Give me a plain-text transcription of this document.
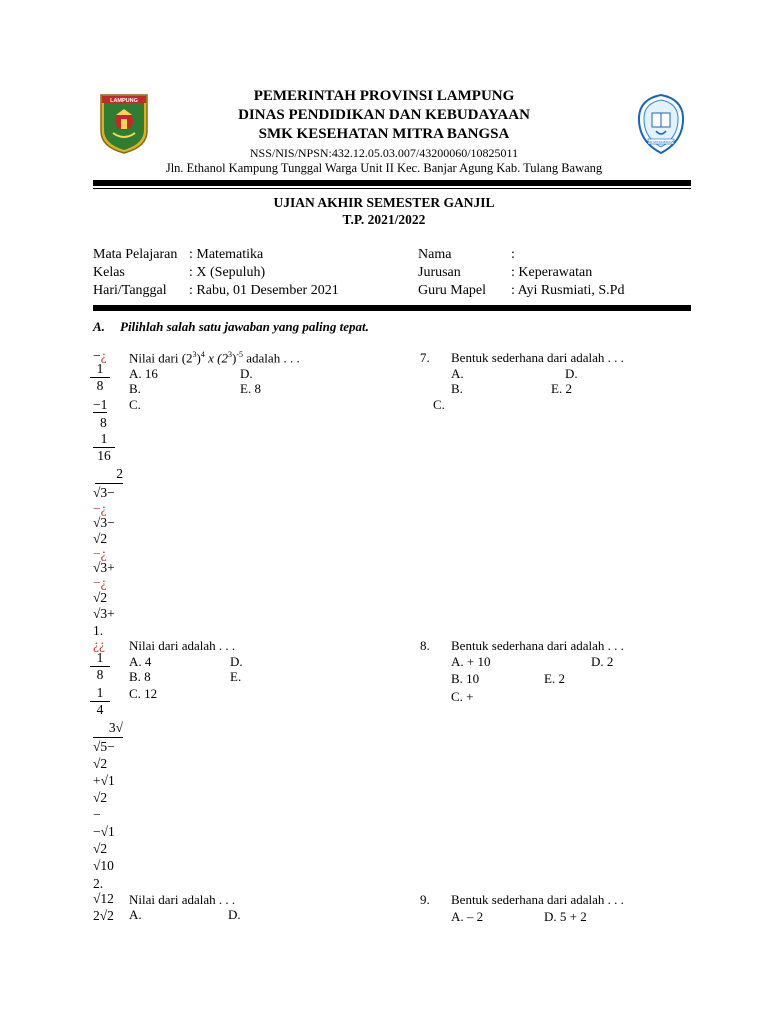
LAMPUNG
SMK MITRA BANGSA
PEMERINTAH PROVINSI LAMPUNG
DINAS PENDIDIKAN DAN KEBUDAYAAN
SMK KESEHATAN MITRA BANGSA
NSS/NIS/NPSN:432.12.05.03.007/43200060/10825011
Jln. Ethanol Kampung Tunggal Warga Unit II Kec. Banjar Agung Kab. Tulang Bawang
UJIAN AKHIR SEMESTER GANJIL
T.P. 2021/2022
Mata Pelajaran : Matematika
Kelas	: X (Sepuluh)
Hari/Tanggal : Rabu, 01 Desember 2021
Nama	:
Jurusan	: Keperawatan
Guru Mapel : Ayi Rusmiati, S.Pd
A. Pilihlah salah satu jawaban yang paling tepat.
−¿
$\frac{1}{8}$
−1
8
$\frac{1}{16}$
2
√3−
−¿
√3−
√2
−¿
√3+
−¿
√2
√3+
1.
¿¿
$\frac{1}{8}$
$\frac{1}{4}$
3√
√5−
√2
+√1
√2
−
−√1
√2
√10
2.
√12
2√2
Nilai dari $(2^3)^4$ x $(2^3)^{-5}$ adalah . . .
A. 16	D.
B.	E. 8
C.
Nilai dari adalah . . .
A. 4	D.
B. 8	E.
C. 12
Nilai dari adalah . . .
A.	D.
7. Bentuk sederhana dari adalah . . .
A.	D.
B.	E. 2
C.
8. Bentuk sederhana dari adalah . . .
A. + 10	D. 2
B. 10	E. 2
C. +
9. Bentuk sederhana dari adalah . . .
A. – 2	D. 5 + 2
